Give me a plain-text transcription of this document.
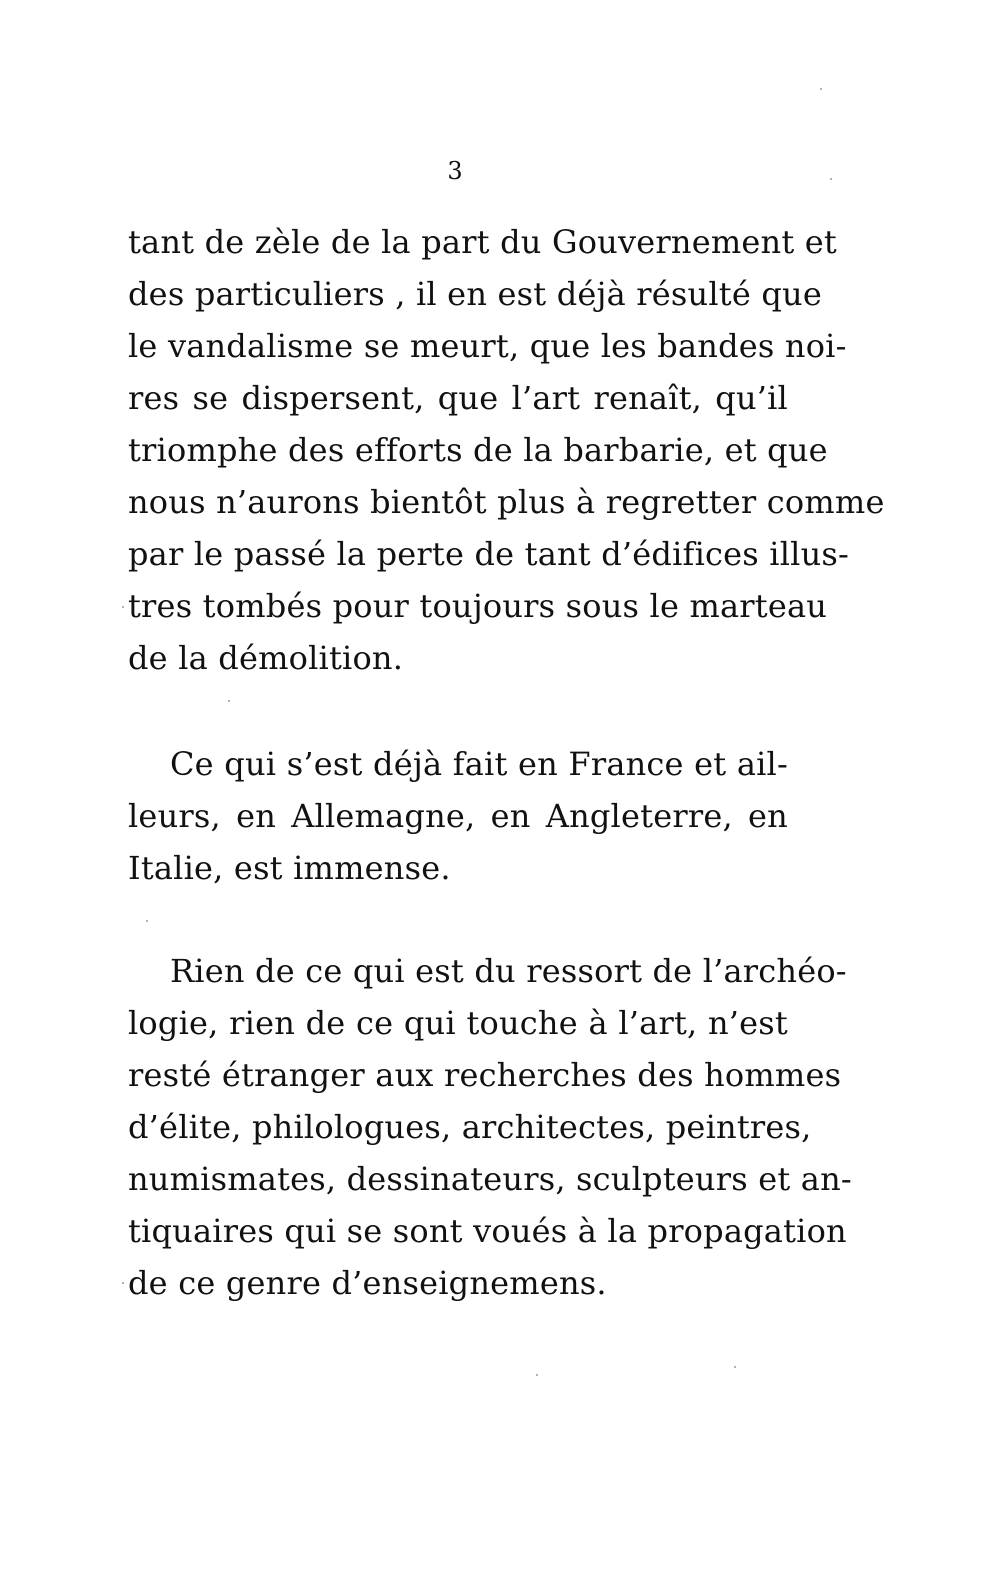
3
tant de zèle de la part du Gouvernement et
des particuliers , il en est déjà résulté que
le vandalisme se meurt, que les bandes noi-
res se dispersent, que l’art renaît, qu’il
triomphe des efforts de la barbarie, et que
nous n’aurons bientôt plus à regretter comme
par le passé la perte de tant d’édifices illus-
tres tombés pour toujours sous le marteau
de la démolition.
Ce qui s’est déjà fait en France et ail-
leurs, en Allemagne, en Angleterre, en
Italie, est immense.
Rien de ce qui est du ressort de l’archéo-
logie, rien de ce qui touche à l’art, n’est
resté étranger aux recherches des hommes
d’élite, philologues, architectes, peintres,
numismates, dessinateurs, sculpteurs et an-
tiquaires qui se sont voués à la propagation
de ce genre d’enseignemens.
